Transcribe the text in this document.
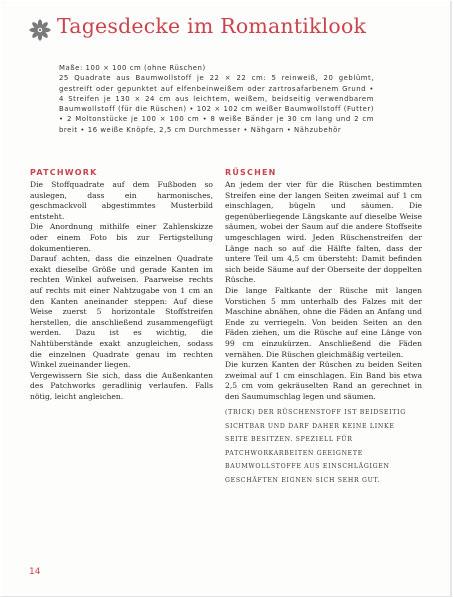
Tagesdecke im Romantiklook

Maße: 100 × 100 cm (ohne Rüschen)

25 Quadrate aus Baumwollstoff je 22 × 22 cm: 5 reinweiß, 20 geblümt, gestreift oder gepunktet auf elfenbeinweißem oder zartrosafarbenem Grund • 4 Streifen je 130 × 24 cm aus leichtem, weißem, beidseitig verwendbarem Baumwollstoff (für die Rüschen) • 102 × 102 cm weißer Baumwollstoff (Futter) • 2 Moltonstücke je 100 × 100 cm • 8 weiße Bänder je 30 cm lang und 2 cm breit • 16 weiße Knöpfe, 2,5 cm Durchmesser • Nähgarn • Nähzubehör

PATCHWORK

Die Stoffquadrate auf dem Fußboden so auslegen, dass ein harmonisches, geschmackvoll abgestimmtes Musterbild entsteht.

Die Anordnung mithilfe einer Zahlenskizze oder einem Foto bis zur Fertigstellung dokumentieren.

Darauf achten, dass die einzelnen Quadrate exakt dieselbe Größe und gerade Kanten im rechten Winkel aufweisen. Paarweise rechts auf rechts mit einer Nahtzugabe von 1 cm an den Kanten aneinander steppen: Auf diese Weise zuerst 5 horizontale Stoffstreifen herstellen, die anschließend zusammengefügt werden. Dazu ist es wichtig, die Nahtüberstände exakt anzugleichen, sodass die einzelnen Quadrate genau im rechten Winkel zueinander liegen.

Vergewissern Sie sich, dass die Außenkanten des Patchworks geradlinig verlaufen. Falls nötig, leicht angleichen.

RÜSCHEN

An jedem der vier für die Rüschen bestimmten Streifen eine der langen Seiten zweimal auf 1 cm einschlagen, bügeln und säumen. Die gegenüberliegende Längskante auf dieselbe Weise säumen, wobei der Saum auf die andere Stoffseite umgeschlagen wird. Jeden Rüschenstreifen der Länge nach so auf die Hälfte falten, dass der untere Teil um 4,5 cm übersteht: Damit befinden sich beide Säume auf der Oberseite der doppelten Rüsche.

Die lange Faltkante der Rüsche mit langen Vorstichen 5 mm unterhalb des Falzes mit der Maschine abnähen, ohne die Fäden an Anfang und Ende zu verriegeln. Von beiden Seiten an den Fäden ziehen, um die Rüsche auf eine Länge von 99 cm einzukürzen. Anschließend die Fäden vernähen. Die Rüschen gleichmäßig verteilen.

Die kurzen Kanten der Rüschen zu beiden Seiten zweimal auf 1 cm einschlagen. Ein Band bis etwa 2,5 cm vom gekräuselten Rand an gerechnet in den Saumumschlag legen und säumen.

(TRICK) DER RÜSCHENSTOFF IST BEIDSEITIG SICHTBAR UND DARF DAHER KEINE LINKE SEITE BESITZEN. SPEZIELL FÜR PATCHWORKARBEITEN GEEIGNETE BAUMWOLLSTOFFE AUS EINSCHLÄGIGEN GESCHÄFTEN EIGNEN SICH SEHR GUT.
14
